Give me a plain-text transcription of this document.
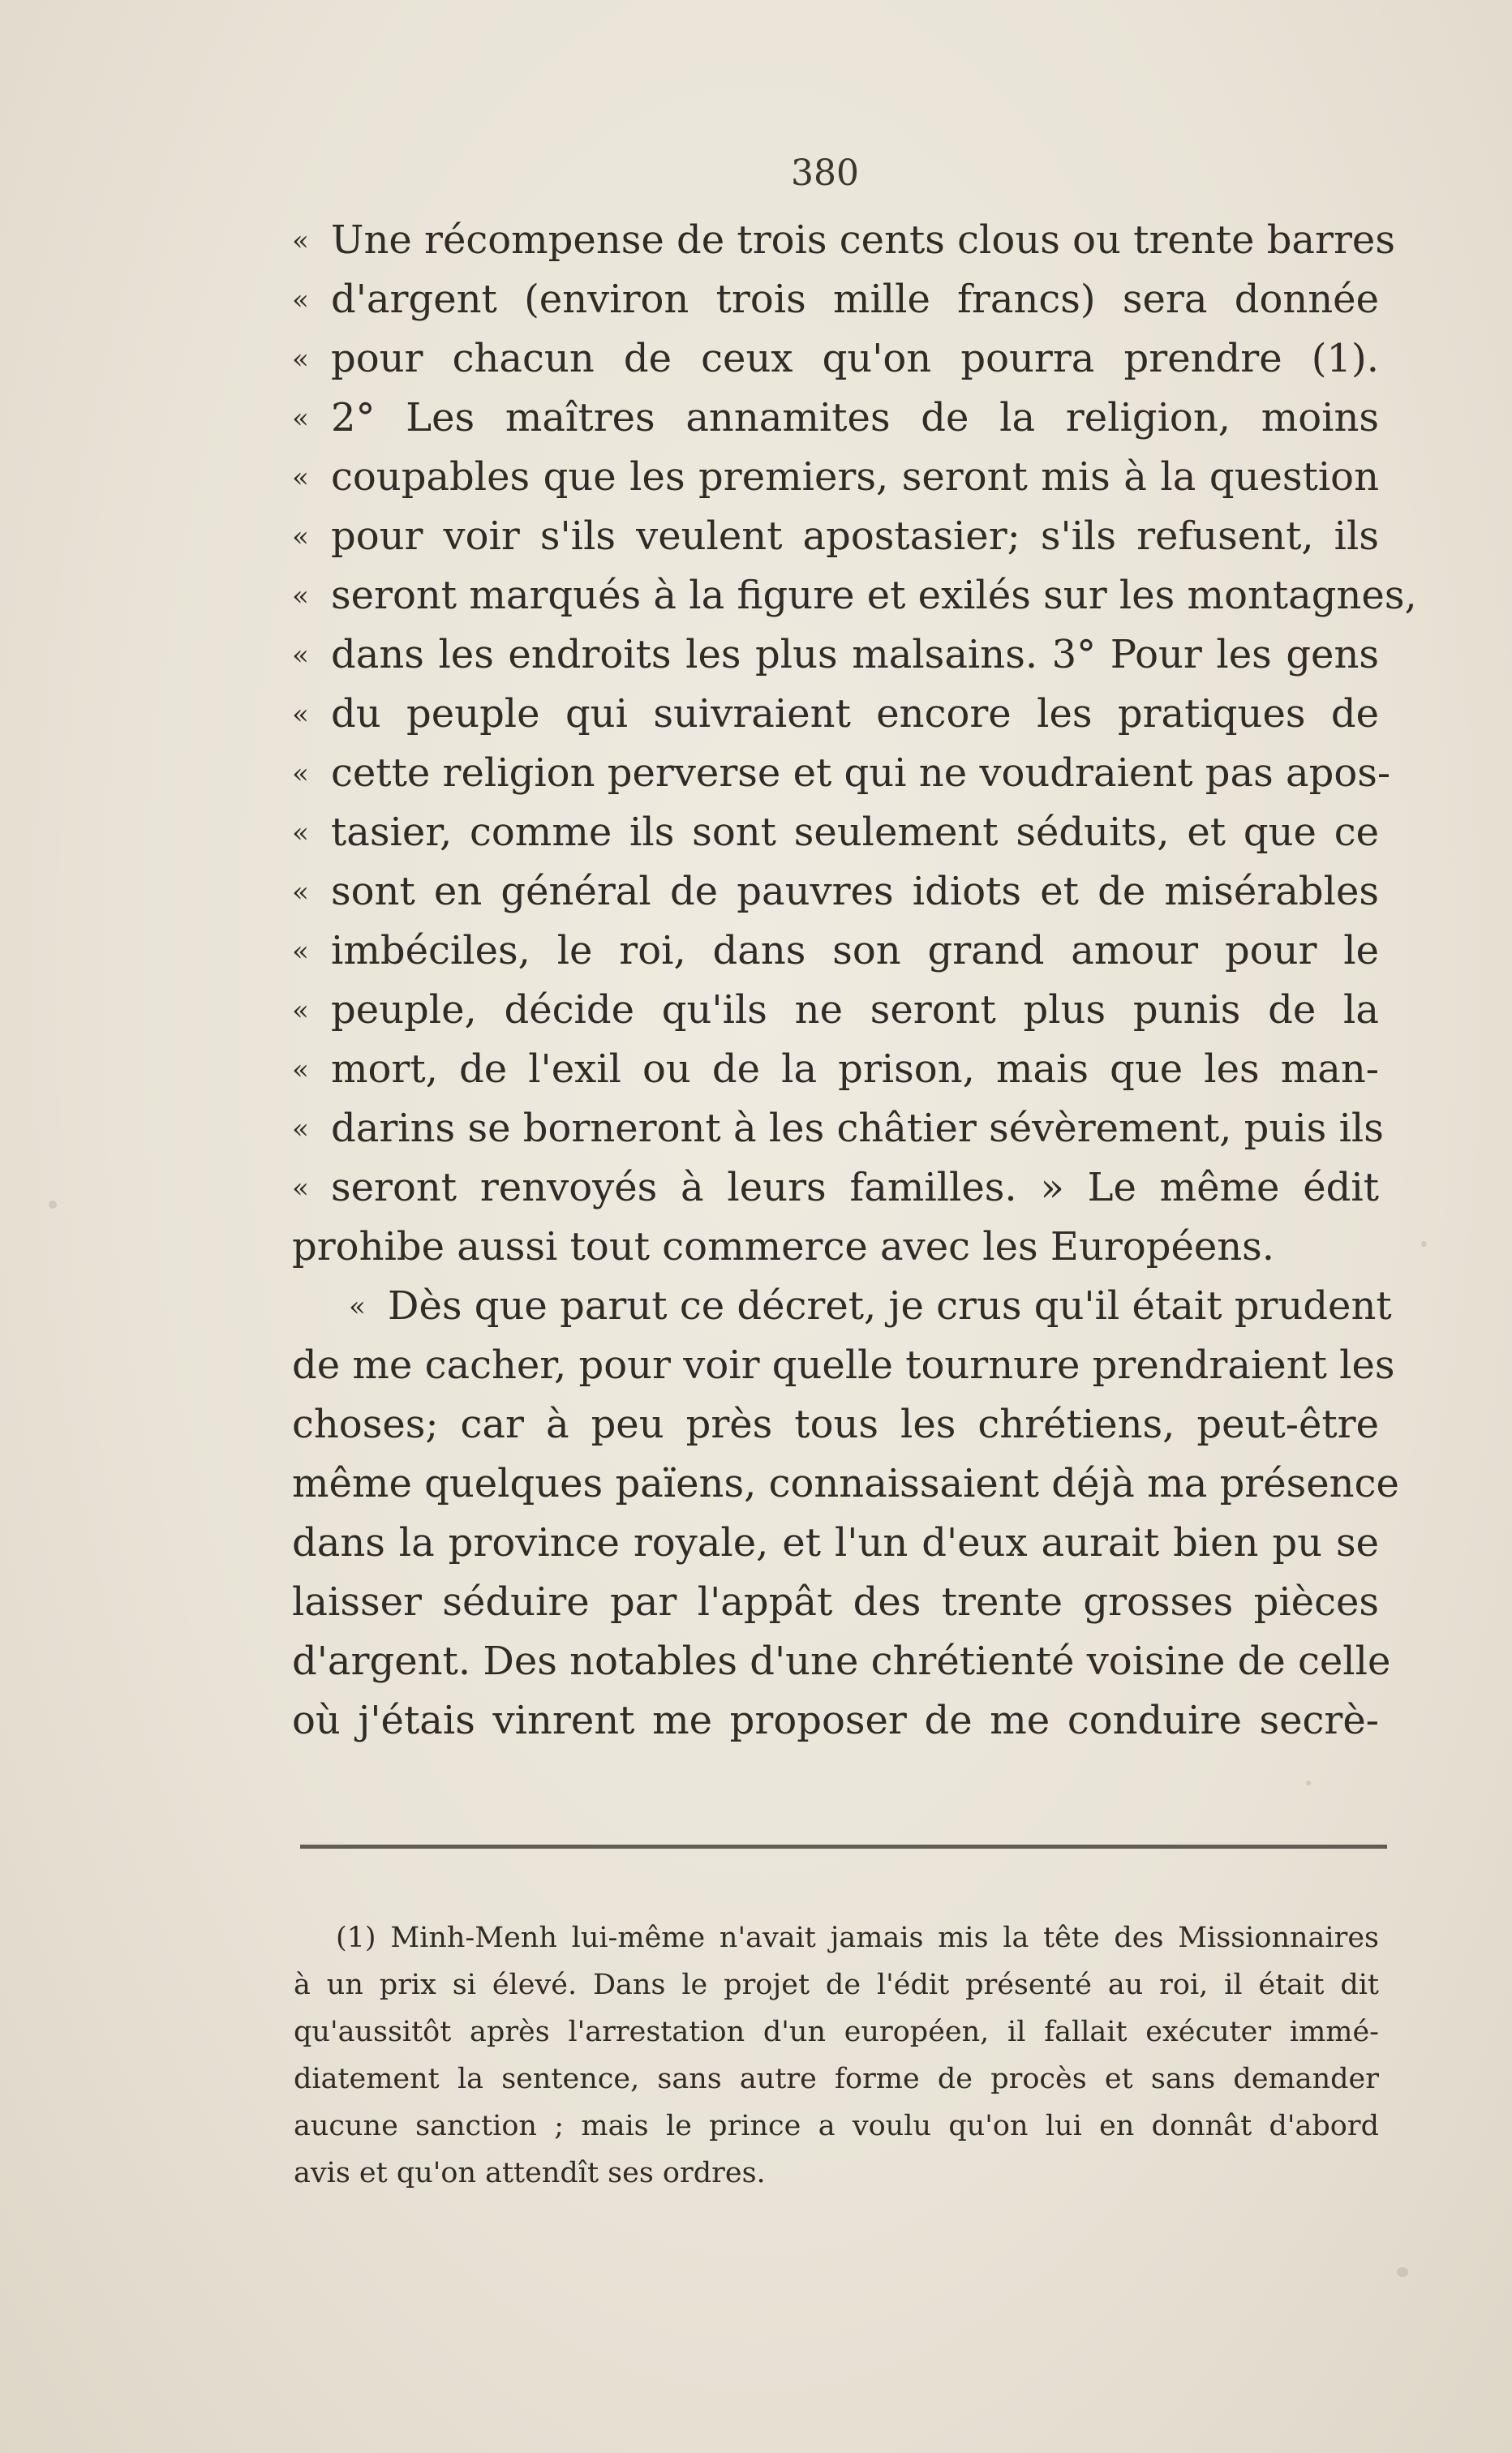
380
« Une récompense de trois cents clous ou trente barres
« d'argent (environ trois mille francs) sera donnée
« pour chacun de ceux qu'on pourra prendre (1).
« 2° Les maîtres annamites de la religion, moins
« coupables que les premiers, seront mis à la question
« pour voir s'ils veulent apostasier; s'ils refusent, ils
« seront marqués à la figure et exilés sur les montagnes,
« dans les endroits les plus malsains. 3° Pour les gens
« du peuple qui suivraient encore les pratiques de
« cette religion perverse et qui ne voudraient pas apos-
« tasier, comme ils sont seulement séduits, et que ce
« sont en général de pauvres idiots et de misérables
« imbéciles, le roi, dans son grand amour pour le
« peuple, décide qu'ils ne seront plus punis de la
« mort, de l'exil ou de la prison, mais que les man-
« darins se borneront à les châtier sévèrement, puis ils
« seront renvoyés à leurs familles. » Le même édit
prohibe aussi tout commerce avec les Européens.
« Dès que parut ce décret, je crus qu'il était prudent
de me cacher, pour voir quelle tournure prendraient les
choses; car à peu près tous les chrétiens, peut-être
même quelques païens, connaissaient déjà ma présence
dans la province royale, et l'un d'eux aurait bien pu se
laisser séduire par l'appât des trente grosses pièces
d'argent. Des notables d'une chrétienté voisine de celle
où j'étais vinrent me proposer de me conduire secrè-
(1) Minh-Menh lui-même n'avait jamais mis la tête des Missionnaires
à un prix si élevé. Dans le projet de l'édit présenté au roi, il était dit
qu'aussitôt après l'arrestation d'un européen, il fallait exécuter immé-
diatement la sentence, sans autre forme de procès et sans demander
aucune sanction ; mais le prince a voulu qu'on lui en donnât d'abord
avis et qu'on attendît ses ordres.
